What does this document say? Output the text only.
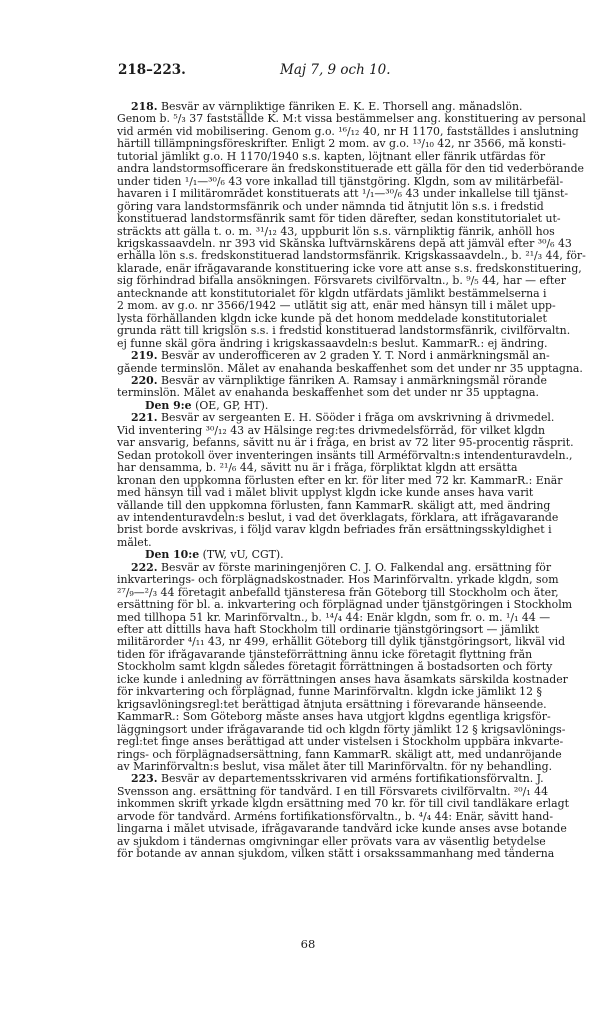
218–223.	Maj 7, 9 och 10.

218. Besvär av värnpliktige fänriken E. K. E. Thorsell ang. månadslön.

Genom b. ⁵/₃ 37 fastställde K. M:t vissa bestämmelser ang. konstituering av personal

vid armén vid mobilisering. Genom g.o. ¹⁶/₁₂ 40, nr H 1170, fastställdes i anslutning

härtill tillämpningsföreskrifter. Enligt 2 mom. av g.o. ¹³/₁₀ 42, nr 3566, må konsti-

tutorial jämlikt g.o. H 1170/1940 s.s. kapten, löjtnant eller fänrik utfärdas för

andra landstormsofficerare än fredskonstituerade ett gälla för den tid vederbörande

under tiden ¹/₁—³⁰/₆ 43 vore inkallad till tjänstgöring. Klgdn, som av militärbefäl-

havaren i I militärområdet konstituerats att ¹/₁—³⁰/₆ 43 under inkallelse till tjänst-

göring vara landstormsfänrik och under nämnda tid åtnjutit lön s.s. i fredstid

konstituerad landstormsfänrik samt för tiden därefter, sedan konstitutorialet ut-

sträckts att gälla t. o. m. ³¹/₁₂ 43, uppburit lön s.s. värnpliktig fänrik, anhöll hos

krigskassaavdeln. nr 393 vid Skånska luftvärnskårens depå att jämväl efter ³⁰/₆ 43

erhålla lön s.s. fredskonstituerad landstormsfänrik. Krigskassaavdeln., b. ²¹/₃ 44, för-

klarade, enär ifrågavarande konstituering icke vore att anse s.s. fredskonstituering,

sig förhindrad bifalla ansökningen. Försvarets civilförvaltn., b. ⁹/₅ 44, har — efter

antecknande att konstitutorialet för klgdn utfärdats jämlikt bestämmelserna i

2 mom. av g.o. nr 3566/1942 — utlåtit sig att, enär med hänsyn till i målet upp-

lysta förhållanden klgdn icke kunde på det honom meddelade konstitutorialet

grunda rätt till krigslön s.s. i fredstid konstituerad landstormsfänrik, civilförvaltn.

ej funne skäl göra ändring i krigskassaavdeln:s beslut. KammarR.: ej ändring.

219. Besvär av underofficeren av 2 graden Y. T. Nord i anmärkningsmål an-

gående terminslön. Målet av enahanda beskaffenhet som det under nr 35 upptagna.

220. Besvär av värnpliktige fänriken A. Ramsay i anmärkningsmål rörande

terminslön. Målet av enahanda beskaffenhet som det under nr 35 upptagna.

Den 9:e (OE, GP, HT).

221. Besvär av sergeanten E. H. Sööder i fråga om avskrivning å drivmedel.

Vid inventering ³⁰/₁₂ 43 av Hälsinge reg:tes drivmedelsförråd, för vilket klgdn

var ansvarig, befanns, såvitt nu är i fråga, en brist av 72 liter 95-procentig råsprit.

Sedan protokoll över inventeringen insänts till Arméförvaltn:s intendenturavdeln.,

har densamma, b. ²¹/₆ 44, såvitt nu är i fråga, förpliktat klgdn att ersätta

kronan den uppkomna förlusten efter en kr. för liter med 72 kr. KammarR.: Enär

med hänsyn till vad i målet blivit upplyst klgdn icke kunde anses hava varit

vållande till den uppkomna förlusten, fann KammarR. skäligt att, med ändring

av intendenturavdeln:s beslut, i vad det överklagats, förklara, att ifrågavarande

brist borde avskrivas, i följd varav klgdn befriades från ersättningsskyldighet i

målet.

Den 10:e (TW, vU, CGT).

222. Besvär av förste mariningenjören C. J. O. Falkendal ang. ersättning för

inkvarterings- och förplägnadskostnader. Hos Marinförvaltn. yrkade klgdn, som

²⁷/₉—²/₃ 44 företagit anbefalld tjänsteresa från Göteborg till Stockholm och åter,

ersättning för bl. a. inkvartering och förplägnad under tjänstgöringen i Stockholm

med tillhopa 51 kr. Marinförvaltn., b. ¹⁴/₄ 44: Enär klgdn, som fr. o. m. ¹/₁ 44 —

efter att dittills hava haft Stockholm till ordinarie tjänstgöringsort — jämlikt

militärorder ⁴/₁₁ 43, nr 499, erhållit Göteborg till dylik tjänstgöringsort, likväl vid

tiden för ifrågavarande tjänsteförrättning ännu icke företagit flyttning från

Stockholm samt klgdn således företagit förrättningen å bostadsorten och förty

icke kunde i anledning av förrättningen anses hava åsamkats särskilda kostnader

för inkvartering och förplägnad, funne Marinförvaltn. klgdn icke jämlikt 12 §

krigsavlöningsregl:tet berättigad åtnjuta ersättning i förevarande hänseende.

KammarR.: Som Göteborg måste anses hava utgjort klgdns egentliga krigsför-

läggningsort under ifrågavarande tid och klgdn förty jämlikt 12 § krigsavlönings-

regl:tet finge anses berättigad att under vistelsen i Stockholm uppbära inkvarte-

rings- och förplägnadsersättning, fann KammarR. skäligt att, med undanröjande

av Marinförvaltn:s beslut, visa målet åter till Marinförvaltn. för ny behandling.

223. Besvär av departementsskrivaren vid arméns fortifikationsförvaltn. J.

Svensson ang. ersättning för tandvård. I en till Försvarets civilförvaltn. ²⁰/₁ 44

inkommen skrift yrkade klgdn ersättning med 70 kr. för till civil tandläkare erlagt

arvode för tandvård. Arméns fortifikationsförvaltn., b. ⁴/₄ 44: Enär, såvitt hand-

lingarna i målet utvisade, ifrågavarande tandvård icke kunde anses avse botande

av sjukdom i tändernas omgivningar eller prövats vara av väsentlig betydelse

för botande av annan sjukdom, vilken stått i orsakssammanhang med tänderna

68
